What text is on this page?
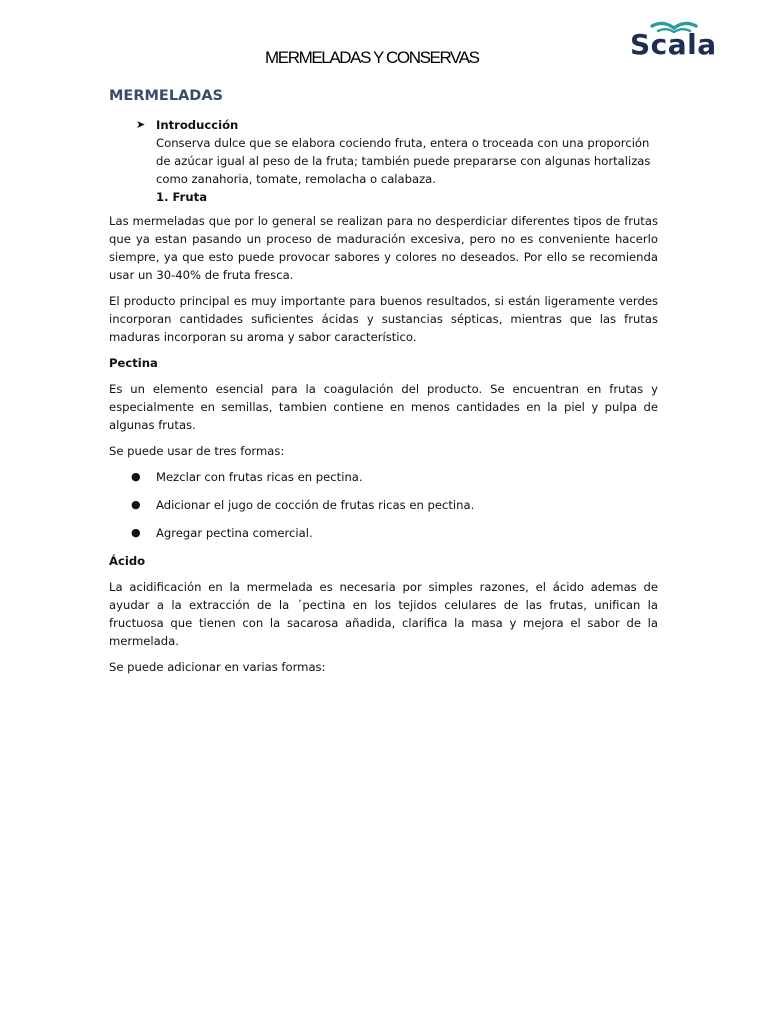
Scala
MERMELADAS Y CONSERVAS
MERMELADAS
➤ Introducción
Conserva dulce que se elabora cociendo fruta, entera o troceada con una proporción de azúcar igual al peso de la fruta; también puede prepararse con algunas hortalizas como zanahoria, tomate, remolacha o calabaza.
1. Fruta

Las mermeladas que por lo general se realizan para no desperdiciar diferentes tipos de frutas que ya estan pasando un proceso de maduración excesiva, pero no es conveniente hacerlo siempre, ya que esto puede provocar sabores y colores no deseados. Por ello se recomienda usar un 30-40% de fruta fresca.

El producto principal es muy importante para buenos resultados, si están ligeramente verdes incorporan cantidades suficientes ácidas y sustancias sépticas, mientras que las frutas maduras incorporan su aroma y sabor característico.

Pectina

Es un elemento esencial para la coagulación del producto. Se encuentran en frutas y especialmente en semillas, tambien contiene en menos cantidades en la piel y pulpa de algunas frutas.

Se puede usar de tres formas:

● Mezclar con frutas ricas en pectina.
● Adicionar el jugo de cocción de frutas ricas en pectina.
● Agregar pectina comercial.
Ácido

La acidificación en la mermelada es necesaria por simples razones, el ácido ademas de ayudar a la extracción de la ´pectina en los tejidos celulares de las frutas, unifican la fructuosa que tienen con la sacarosa añadida, clarifica la masa y mejora el sabor de la mermelada.

Se puede adicionar en varias formas:
